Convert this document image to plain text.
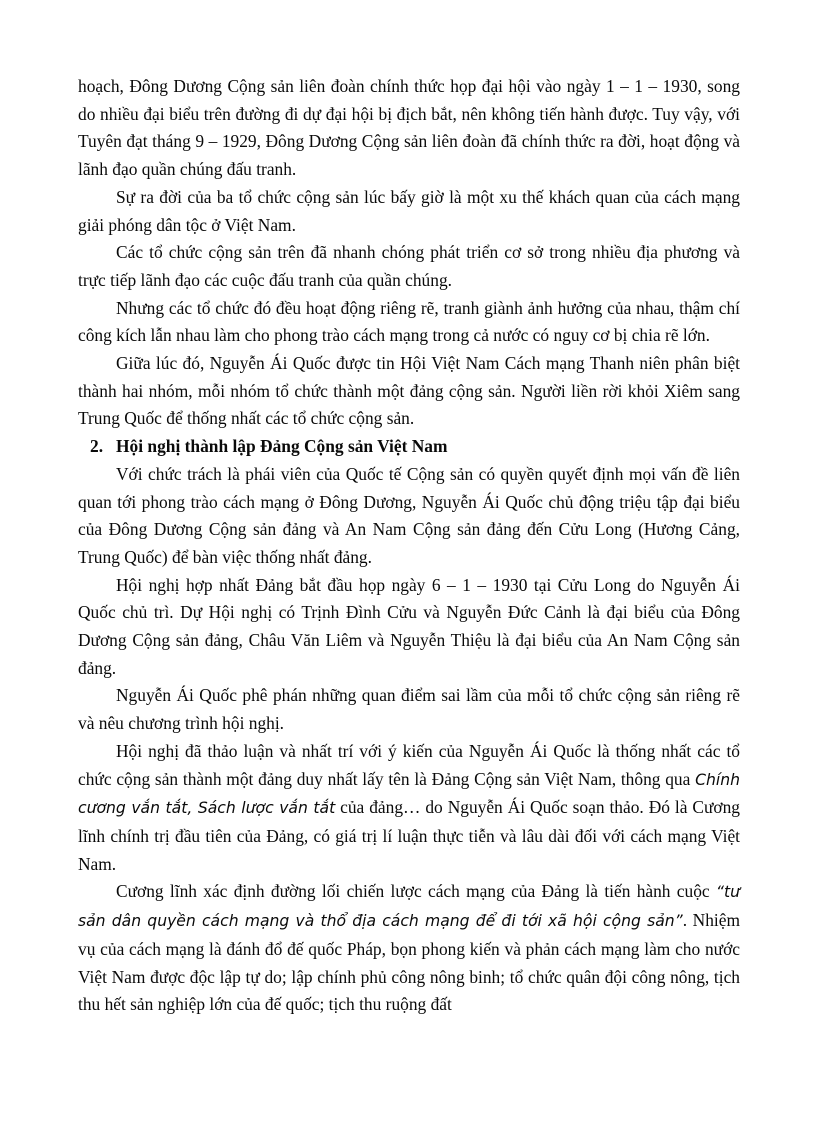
hoạch, Đông Dương Cộng sản liên đoàn chính thức họp đại hội vào ngày 1 – 1 – 1930, song do nhiều đại biểu trên đường đi dự đại hội bị địch bắt, nên không tiến hành được. Tuy vậy, với Tuyên đạt tháng 9 – 1929, Đông Dương Cộng sản liên đoàn đã chính thức ra đời, hoạt động và lãnh đạo quần chúng đấu tranh.

Sự ra đời của ba tổ chức cộng sản lúc bấy giờ là một xu thế khách quan của cách mạng giải phóng dân tộc ở Việt Nam.

Các tổ chức cộng sản trên đã nhanh chóng phát triển cơ sở trong nhiều địa phương và trực tiếp lãnh đạo các cuộc đấu tranh của quần chúng.

Nhưng các tổ chức đó đều hoạt động riêng rẽ, tranh giành ảnh hưởng của nhau, thậm chí công kích lẫn nhau làm cho phong trào cách mạng trong cả nước có nguy cơ bị chia rẽ lớn.

Giữa lúc đó, Nguyễn Ái Quốc được tin Hội Việt Nam Cách mạng Thanh niên phân biệt thành hai nhóm, mỗi nhóm tổ chức thành một đảng cộng sản. Người liền rời khỏi Xiêm sang Trung Quốc để thống nhất các tổ chức cộng sản.

2. Hội nghị thành lập Đảng Cộng sản Việt Nam

Với chức trách là phái viên của Quốc tế Cộng sản có quyền quyết định mọi vấn đề liên quan tới phong trào cách mạng ở Đông Dương, Nguyễn Ái Quốc chủ động triệu tập đại biểu của Đông Dương Cộng sản đảng và An Nam Cộng sản đảng đến Cửu Long (Hương Cảng, Trung Quốc) để bàn việc thống nhất đảng.

Hội nghị hợp nhất Đảng bắt đầu họp ngày 6 – 1 – 1930 tại Cửu Long do Nguyễn Ái Quốc chủ trì. Dự Hội nghị có Trịnh Đình Cửu và Nguyễn Đức Cảnh là đại biểu của Đông Dương Cộng sản đảng, Châu Văn Liêm và Nguyễn Thiệu là đại biểu của An Nam Cộng sản đảng.

Nguyễn Ái Quốc phê phán những quan điểm sai lầm của mỗi tổ chức cộng sản riêng rẽ và nêu chương trình hội nghị.

Hội nghị đã thảo luận và nhất trí với ý kiến của Nguyễn Ái Quốc là thống nhất các tổ chức cộng sản thành một đảng duy nhất lấy tên là Đảng Cộng sản Việt Nam, thông qua Chính cương vắn tắt, Sách lược vắn tắt của đảng… do Nguyễn Ái Quốc soạn thảo. Đó là Cương lĩnh chính trị đầu tiên của Đảng, có giá trị lí luận thực tiễn và lâu dài đối với cách mạng Việt Nam.

Cương lĩnh xác định đường lối chiến lược cách mạng của Đảng là tiến hành cuộc “tư sản dân quyền cách mạng và thổ địa cách mạng để đi tới xã hội cộng sản”. Nhiệm vụ của cách mạng là đánh đổ đế quốc Pháp, bọn phong kiến và phản cách mạng làm cho nước Việt Nam được độc lập tự do; lập chính phủ công nông binh; tổ chức quân đội công nông, tịch thu hết sản nghiệp lớn của đế quốc; tịch thu ruộng đất
